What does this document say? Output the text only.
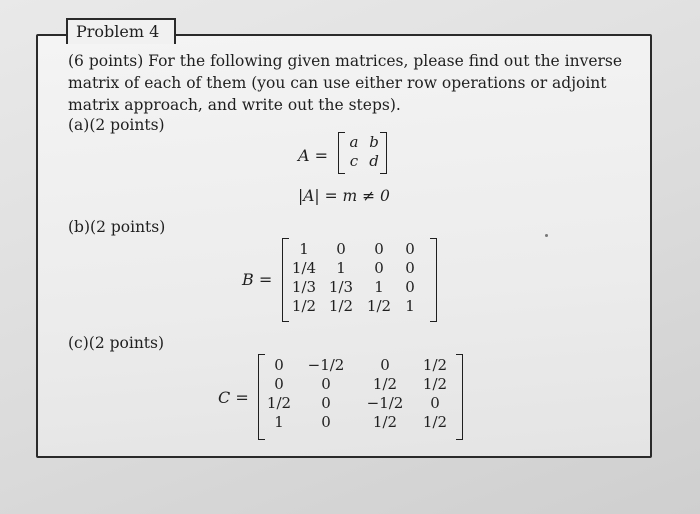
Problem 4
(6 points) For the following given matrices, please find out the inverse matrix of each of them (you can use either row operations or adjoint matrix approach, and write out the steps).
(a)(2 points)
A =
a	b
c	d
|A| = m ≠ 0
(b)(2 points)
B =
1	0	0	0
1/4	1	0	0
1/3	1/3	1	0
1/2	1/2	1/2	1
(c)(2 points)
C =
0	−1/2	0	1/2
0	0	1/2	1/2
1/2	0	−1/2	0
1	0	1/2	1/2
